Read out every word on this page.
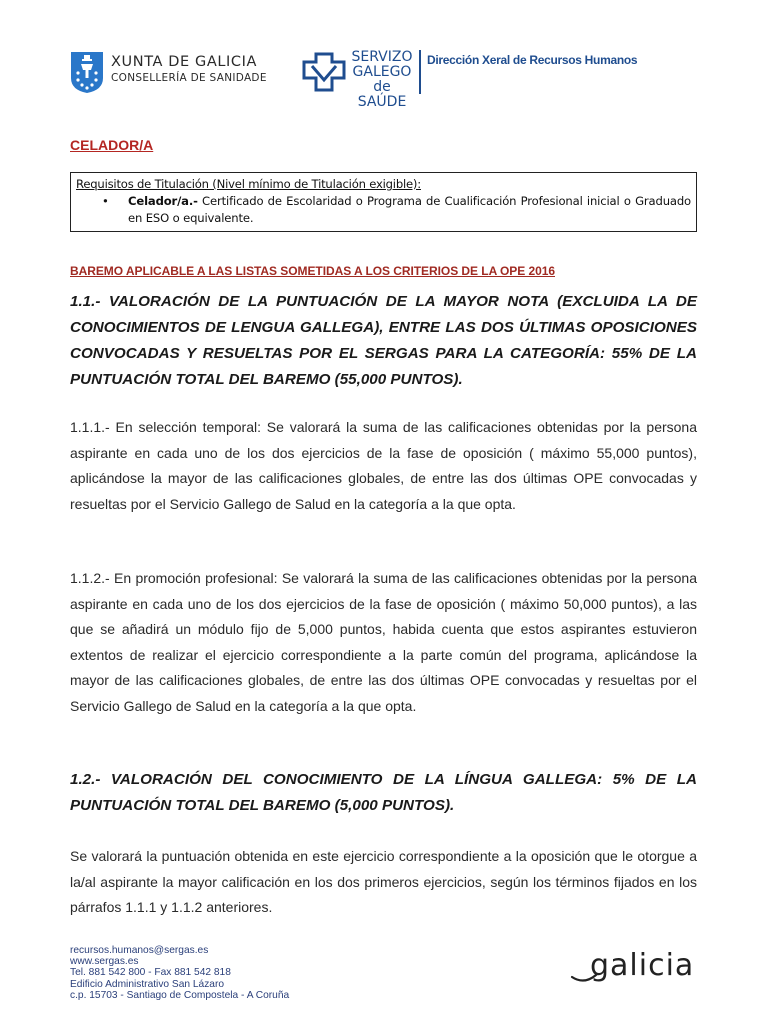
XUNTA DE GALICIA
CONSELLERÍA DE SANIDADE
SERVIZO
GALEGO
de SAÚDE
Dirección Xeral de Recursos Humanos

CELADOR/A

Requisitos de Titulación (Nivel mínimo de Titulación exigible):
• Celador/a.- Certificado de Escolaridad o Programa de Cualificación Profesional inicial o Graduado en ESO o equivalente.
BAREMO APLICABLE A LAS LISTAS SOMETIDAS A LOS CRITERIOS DE LA OPE 2016
1.1.- VALORACIÓN DE LA PUNTUACIÓN DE LA MAYOR NOTA (EXCLUIDA LA DE CONOCIMIENTOS DE LENGUA GALLEGA), ENTRE LAS DOS ÚLTIMAS OPOSICIONES CONVOCADAS Y RESUELTAS POR EL SERGAS PARA LA CATEGORÍA: 55% DE LA PUNTUACIÓN TOTAL DEL BAREMO (55,000 PUNTOS).
1.1.1.- En selección temporal: Se valorará la suma de las calificaciones obtenidas por la persona aspirante en cada uno de los dos ejercicios de la fase de oposición ( máximo 55,000 puntos), aplicándose la mayor de las calificaciones globales, de entre las dos últimas OPE convocadas y resueltas por el Servicio Gallego de Salud en la categoría a la que opta.
1.1.2.- En promoción profesional: Se valorará la suma de las calificaciones obtenidas por la persona aspirante en cada uno de los dos ejercicios de la fase de oposición ( máximo 50,000 puntos), a las que se añadirá un módulo fijo de 5,000 puntos, habida cuenta que estos aspirantes estuvieron extentos de realizar el ejercicio correspondiente a la parte común del programa, aplicándose la mayor de las calificaciones globales, de entre las dos últimas OPE convocadas y resueltas por el Servicio Gallego de Salud en la categoría a la que opta.
1.2.- VALORACIÓN DEL CONOCIMIENTO DE LA LÍNGUA GALLEGA: 5% DE LA PUNTUACIÓN TOTAL DEL BAREMO (5,000 PUNTOS).
Se valorará la puntuación obtenida en este ejercicio correspondiente a la oposición que le otorgue a la/al aspirante la mayor calificación en los dos primeros ejercicios, según los términos fijados en los párrafos 1.1.1 y 1.1.2 anteriores.
recursos.humanos@sergas.es
www.sergas.es
Tel. 881 542 800 - Fax 881 542 818
Edificio Administrativo San Lázaro
c.p. 15703 - Santiago de Compostela - A Coruña
galicia
